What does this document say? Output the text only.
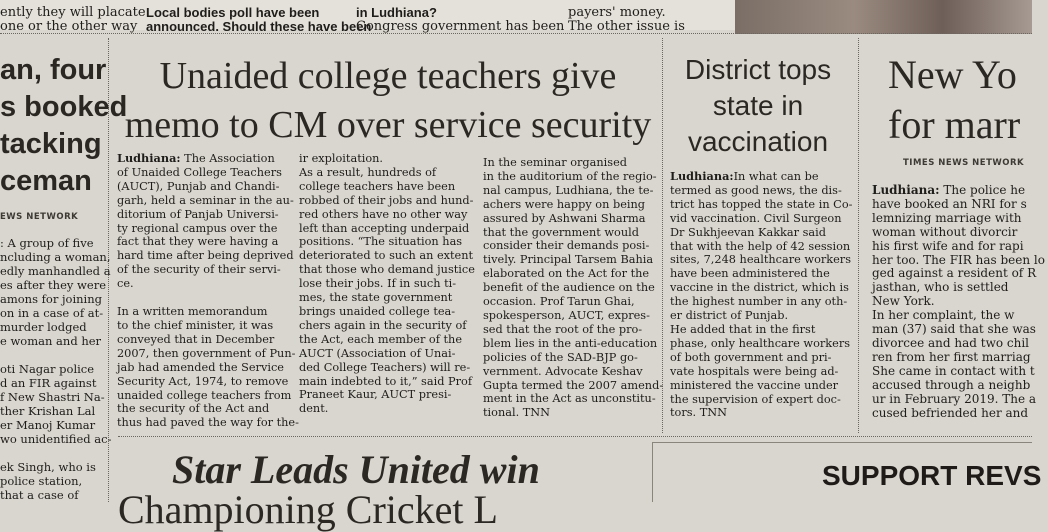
ently they will placate
one or the other way
Local bodies poll have been
announced. Should these have been
in Ludhiana?
Congress government has been
payers' money.
The other issue is
an, four
s booked
tacking
ceman
EWS NETWORK
: A group of five
ncluding a woman,
edly manhandled a
es after they were
amons for joining
on in a case of at-
murder lodged
e woman and her
oti Nagar police
d an FIR against
f New Shastri Na-
ther Krishan Lal
er Manoj Kumar
wo unidentified ac-
ek Singh, who is
police station,
that a case of
Unaided college teachers give
memo to CM over service security
Ludhiana: The Association
of Unaided College Teachers
(AUCT), Punjab and Chandi-
garh, held a seminar in the au-
ditorium of Panjab Universi-
ty regional campus over the
fact that they were having a
hard time after being deprived
of the security of their servi-
ce.
In a written memorandum
to the chief minister, it was
conveyed that in December
2007, then government of Pun-
jab had amended the Service
Security Act, 1974, to remove
unaided college teachers from
the security of the Act and
thus had paved the way for the-
ir exploitation.
As a result, hundreds of
college teachers have been
robbed of their jobs and hund-
red others have no other way
left than accepting underpaid
positions. “The situation has
deteriorated to such an extent
that those who demand justice
lose their jobs. If in such ti-
mes, the state government
brings unaided college tea-
chers again in the security of
the Act, each member of the
AUCT (Association of Unai-
ded College Teachers) will re-
main indebted to it,” said Prof
Praneet Kaur, AUCT presi-
dent.
In the seminar organised
in the auditorium of the regio-
nal campus, Ludhiana, the te-
achers were happy on being
assured by Ashwani Sharma
that the government would
consider their demands posi-
tively. Principal Tarsem Bahia
elaborated on the Act for the
benefit of the audience on the
occasion. Prof Tarun Ghai,
spokesperson, AUCT, expres-
sed that the root of the pro-
blem lies in the anti-education
policies of the SAD-BJP go-
vernment. Advocate Keshav
Gupta termed the 2007 amend-
ment in the Act as unconstitu-
tional. TNN
District tops
state in
vaccination
Ludhiana:In what can be
termed as good news, the dis-
trict has topped the state in Co-
vid vaccination. Civil Surgeon
Dr Sukhjeevan Kakkar said
that with the help of 42 session
sites, 7,248 healthcare workers
have been administered the
vaccine in the district, which is
the highest number in any oth-
er district of Punjab.
He added that in the first
phase, only healthcare workers
of both government and pri-
vate hospitals were being ad-
ministered the vaccine under
the supervision of expert doc-
tors. TNN
New Yo
for marr
TIMES NEWS NETWORK
Ludhiana: The police he
have booked an NRI for s
lemnizing marriage with
woman without divorcir
his first wife and for rapi
her too. The FIR has been lo
ged against a resident of R
jasthan, who is settled
New York.
In her complaint, the w
man (37) said that she was
divorcee and had two chil
ren from her first marriag
She came in contact with t
accused through a neighb
ur in February 2019. The a
cused befriended her and
Star Leads United win
Championing Cricket L
SUPPORT REVS
